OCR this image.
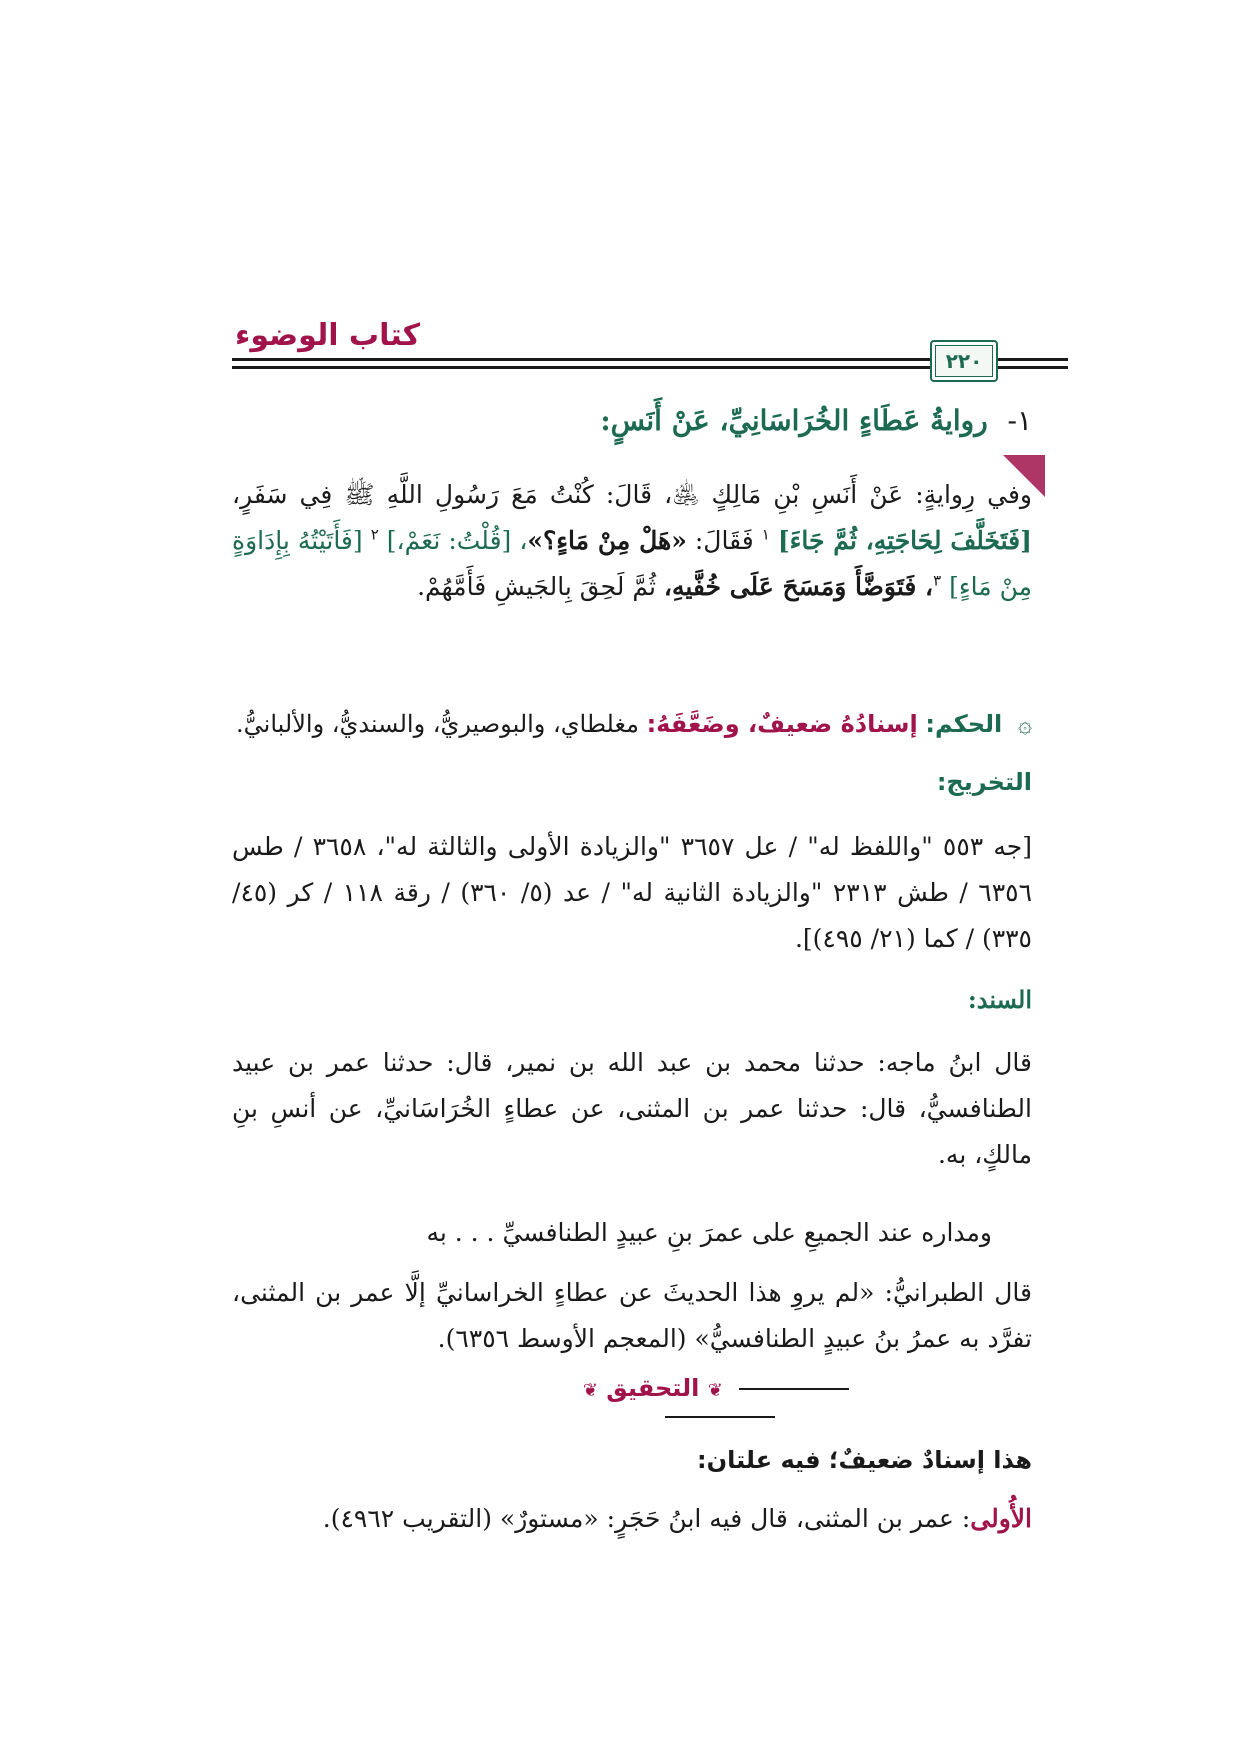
كتاب الوضوء
٢٢٠
١- روايةُ عَطَاءٍ الخُرَاسَانِيِّ، عَنْ أَنَسٍ:
وفي رِوايةٍ: عَنْ أَنَسِ بْنِ مَالِكٍ ﵁، قَالَ: كُنْتُ مَعَ رَسُولِ اللَّهِ ﷺ فِي سَفَرٍ، [فَتَخَلَّفَ لِحَاجَتِهِ، ثُمَّ جَاءَ] $^١$ فَقَالَ: «هَلْ مِنْ مَاءٍ؟»، [قُلْتُ: نَعَمْ،] $^٢$ [فَأَتَيْتُهُ بِإِدَاوَةٍ مِنْ مَاءٍ] $^٣$، فَتَوَضَّأَ وَمَسَحَ عَلَى خُفَّيهِ، ثُمَّ لَحِقَ بِالجَيشِ فَأَمَّهُمْ.
۞ الحكم: إسنادُهُ ضعيفٌ، وضَعَّفَهُ: مغلطاي، والبوصيريُّ، والسنديُّ، والألبانيُّ.
التخريج:
[جه ٥٥٣ "واللفظ له" / عل ٣٦٥٧ "والزيادة الأولى والثالثة له"، ٣٦٥٨ / طس ٦٣٥٦ / طش ٢٣١٣ "والزيادة الثانية له" / عد (٥/ ٣٦٠) / رقة ١١٨ / كر (٤٥/ ٣٣٥) / كما (٢١/ ٤٩٥)].
السند:
قال ابنُ ماجه: حدثنا محمد بن عبد الله بن نمير، قال: حدثنا عمر بن عبيد الطنافسيُّ، قال: حدثنا عمر بن المثنى، عن عطاءٍ الخُرَاسَانيِّ، عن أنسِ بنِ مالكٍ، به.
ومداره عند الجميعِ على عمرَ بنِ عبيدٍ الطنافسيِّ . . . به
قال الطبرانيُّ: «لم يروِ هذا الحديثَ عن عطاءٍ الخراسانيِّ إلَّا عمر بن المثنى، تفرَّد به عمرُ بنُ عبيدٍ الطنافسيُّ» (المعجم الأوسط ٦٣٥٦).
❦ التحقيق ❦
هذا إسنادٌ ضعيفٌ؛ فيه علتان:
الأُولى: عمر بن المثنى، قال فيه ابنُ حَجَرٍ: «مستورٌ» (التقريب ٤٩٦٢).
